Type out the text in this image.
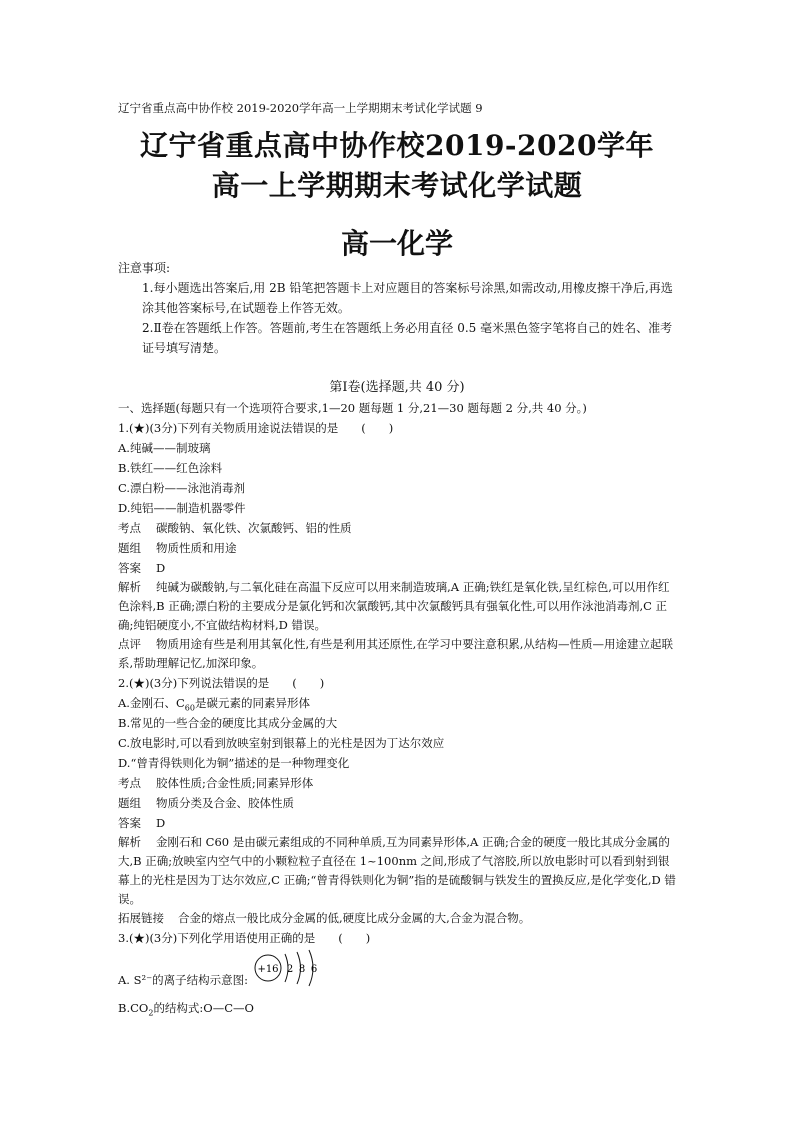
辽宁省重点高中协作校 2019-2020学年高一上学期期末考试化学试题 9
辽宁省重点高中协作校2019-2020学年
高一上学期期末考试化学试题
高一化学
注意事项:
1.每小题选出答案后,用 2B 铅笔把答题卡上对应题目的答案标号涂黑,如需改动,用橡皮擦干净后,再选涂其他答案标号,在试题卷上作答无效。
2.Ⅱ卷在答题纸上作答。答题前,考生在答题纸上务必用直径 0.5 毫米黑色签字笔将自己的姓名、准考证号填写清楚。
第Ⅰ卷(选择题,共 40 分)
一、选择题(每题只有一个选项符合要求,1—20 题每题 1 分,21—30 题每题 2 分,共 40 分。)
1.(★)(3分)下列有关物质用途说法错误的是　　(　　)
A.纯碱——制玻璃
B.铁红——红色涂料
C.漂白粉——泳池消毒剂
D.纯铝——制造机器零件
考点 碳酸钠、氧化铁、次氯酸钙、铝的性质
题组 物质性质和用途
答案 D
解析 纯碱为碳酸钠,与二氧化硅在高温下反应可以用来制造玻璃,A 正确;铁红是氧化铁,呈红棕色,可以用作红色涂料,B 正确;漂白粉的主要成分是氯化钙和次氯酸钙,其中次氯酸钙具有强氧化性,可以用作泳池消毒剂,C 正确;纯铝硬度小,不宜做结构材料,D 错误。
点评 物质用途有些是利用其氧化性,有些是利用其还原性,在学习中要注意积累,从结构—性质—用途建立起联系,帮助理解记忆,加深印象。
2.(★)(3分)下列说法错误的是　　(　　)
A.金刚石、$C_{60}$是碳元素的同素异形体
B.常见的一些合金的硬度比其成分金属的大
C.放电影时,可以看到放映室射到银幕上的光柱是因为丁达尔效应
D.“曾青得铁则化为铜”描述的是一种物理变化
考点 胶体性质;合金性质;同素异形体
题组 物质分类及合金、胶体性质
答案 D
解析 金刚石和 C60 是由碳元素组成的不同种单质,互为同素异形体,A 正确;合金的硬度一般比其成分金属的大,B 正确;放映室内空气中的小颗粒粒子直径在 1~100nm 之间,形成了气溶胶,所以放电影时可以看到射到银幕上的光柱是因为丁达尔效应,C 正确;“曾青得铁则化为铜”指的是硫酸铜与铁发生的置换反应,是化学变化,D 错误。
拓展链接 合金的熔点一般比成分金属的低,硬度比成分金属的大,合金为混合物。
3.(★)(3分)下列化学用语使用正确的是　　(　　)
A. S²⁻的离子结构示意图:
+16 2 8 6
$B.CO_2$的结构式:O—C—O
